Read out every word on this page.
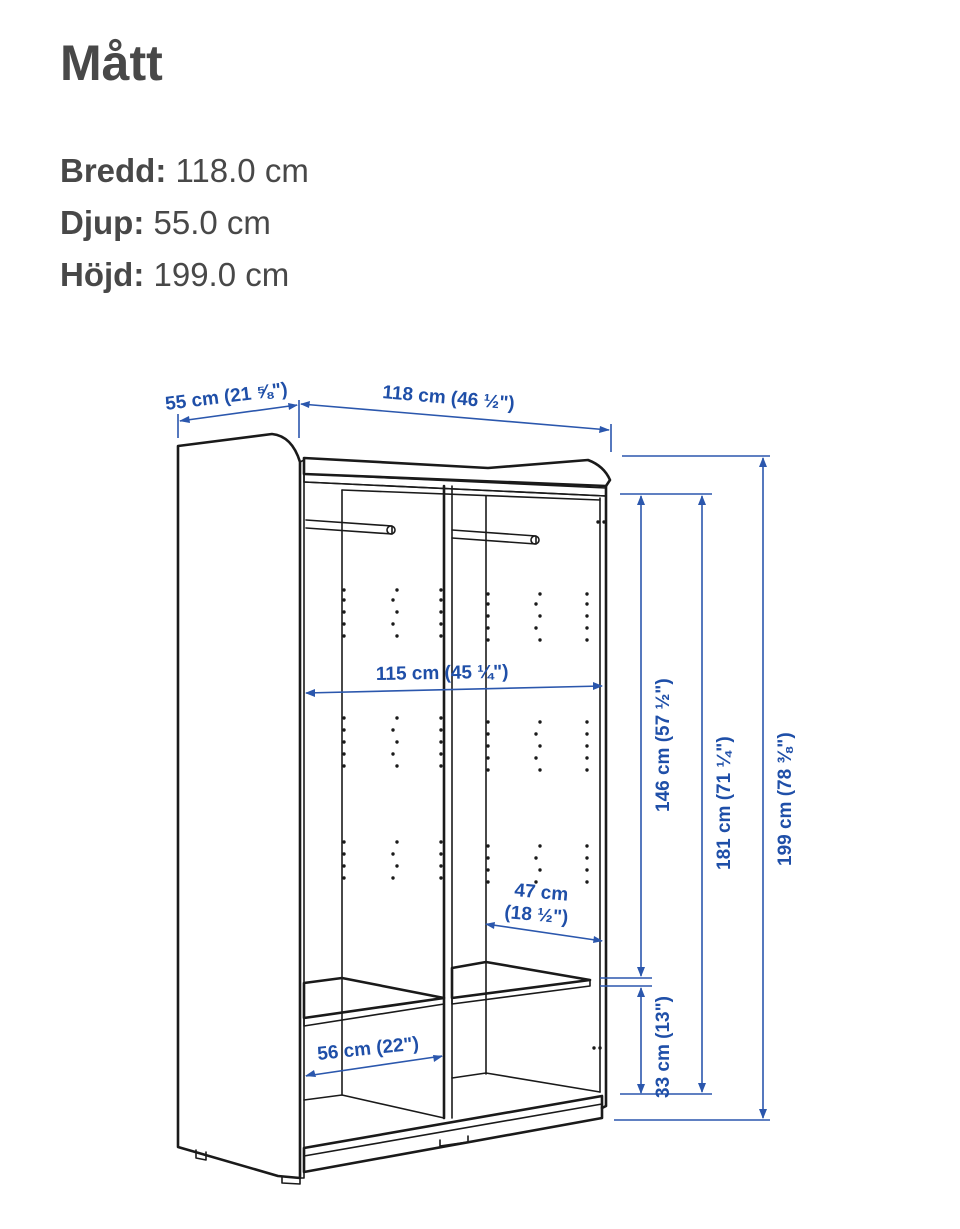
Mått
Bredd: 118.0 cm
Djup: 55.0 cm
Höjd: 199.0 cm
55 cm (21 ⅝")	118 cm (46 ½")
115 cm (45 ¼")
47 cm
(18 ½")
56 cm (22")
146 cm (57 ½")
33 cm (13")
181 cm (71 ¼") 199 cm (78 ⅜")
